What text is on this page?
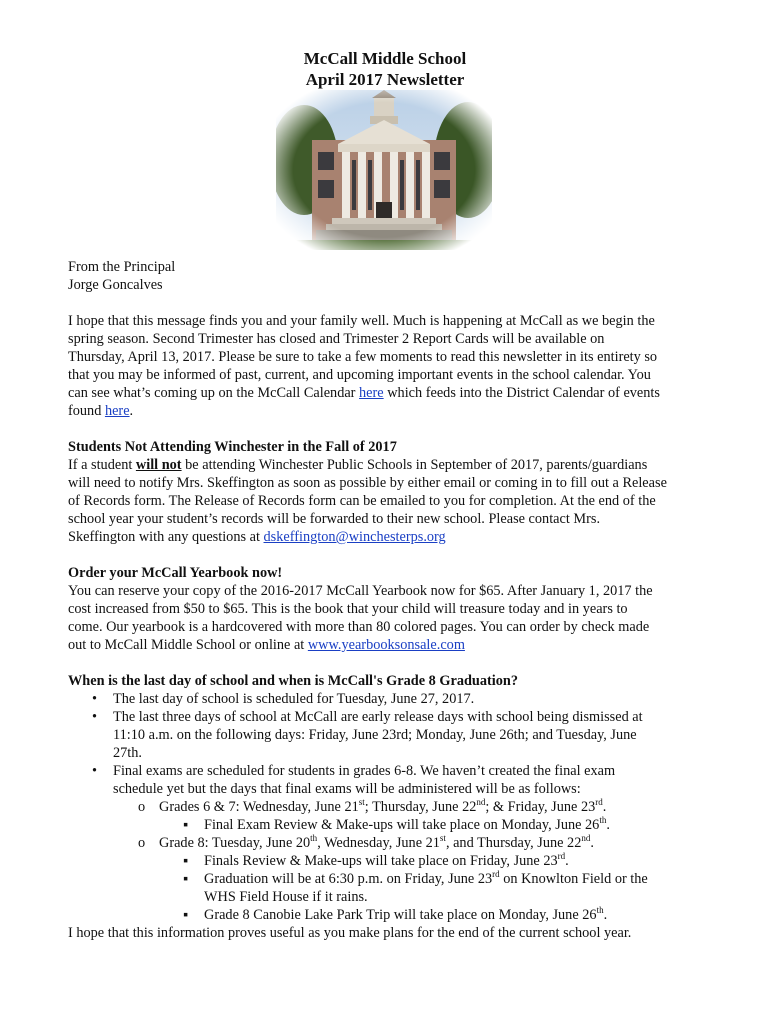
McCall Middle School
April 2017 Newsletter
From the Principal
Jorge Goncalves
I hope that this message finds you and your family well. Much is happening at McCall as we begin the
spring season. Second Trimester has closed and Trimester 2 Report Cards will be available on
Thursday, April 13, 2017. Please be sure to take a few moments to read this newsletter in its entirety so
that you may be informed of past, current, and upcoming important events in the school calendar. You
can see what’s coming up on the McCall Calendar here which feeds into the District Calendar of events
found here.
Students Not Attending Winchester in the Fall of 2017
If a student will not be attending Winchester Public Schools in September of 2017, parents/guardians
will need to notify Mrs. Skeffington as soon as possible by either email or coming in to fill out a Release
of Records form. The Release of Records form can be emailed to you for completion. At the end of the
school year your student’s records will be forwarded to their new school. Please contact Mrs.
Skeffington with any questions at dskeffington@winchesterps.org
Order your McCall Yearbook now!
You can reserve your copy of the 2016-2017 McCall Yearbook now for $65. After January 1, 2017 the
cost increased from $50 to $65. This is the book that your child will treasure today and in years to
come. Our yearbook is a hardcovered with more than 80 colored pages. You can order by check made
out to McCall Middle School or online at www.yearbooksonsale.com
When is the last day of school and when is McCall's Grade 8 Graduation?
• The last day of school is scheduled for Tuesday, June 27, 2017.
• The last three days of school at McCall are early release days with school being dismissed at
11:10 a.m. on the following days: Friday, June 23rd; Monday, June 26th; and Tuesday, June
27th.
• Final exams are scheduled for students in grades 6-8. We haven’t created the final exam
schedule yet but the days that final exams will be administered will be as follows:
o Grades 6 & 7: Wednesday, June 21st; Thursday, June 22nd; & Friday, June 23rd.
▪ Final Exam Review & Make-ups will take place on Monday, June 26th.
o Grade 8: Tuesday, June 20th, Wednesday, June 21st, and Thursday, June 22nd.
▪ Finals Review & Make-ups will take place on Friday, June 23rd.
▪ Graduation will be at 6:30 p.m. on Friday, June 23rd on Knowlton Field or the
WHS Field House if it rains.
▪ Grade 8 Canobie Lake Park Trip will take place on Monday, June 26th.
I hope that this information proves useful as you make plans for the end of the current school year.
